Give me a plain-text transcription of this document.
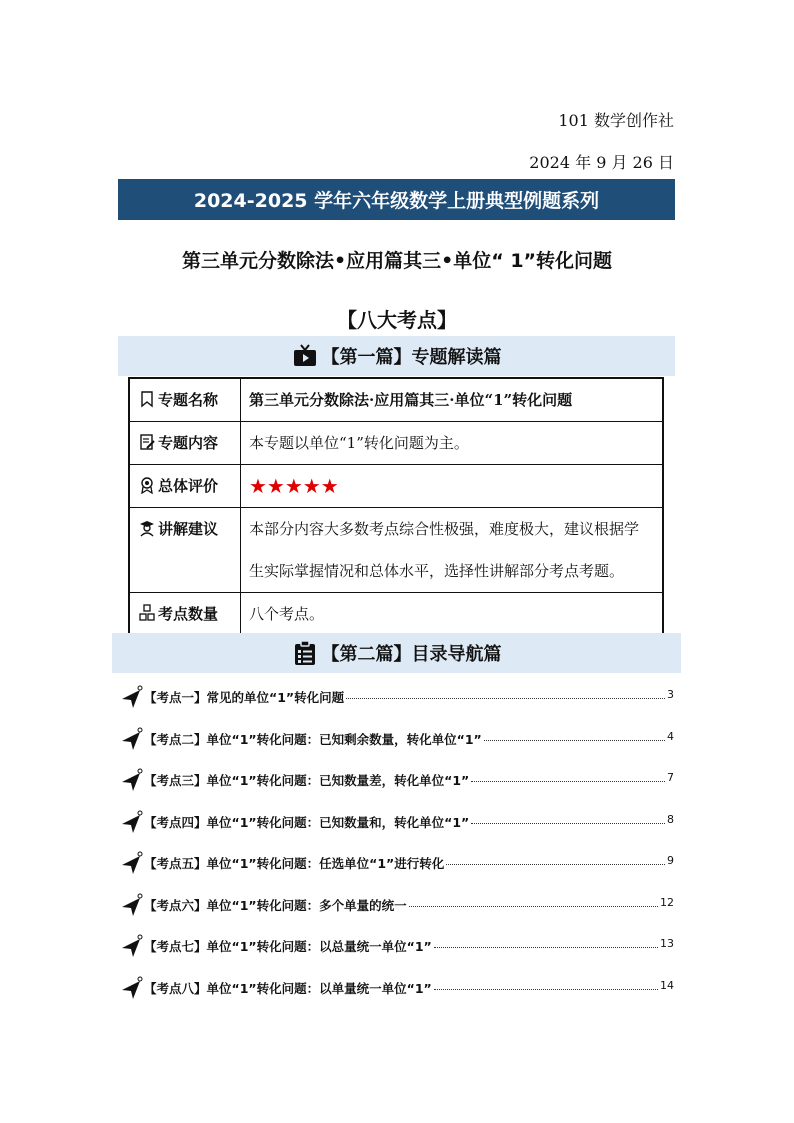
101 数学创作社
2024 年 9 月 26 日
2024-2025 学年六年级数学上册典型例题系列
第三单元分数除法•应用篇其三•单位“ 1”转化问题
【八大考点】
【第一篇】专题解读篇
专题名称	第三单元分数除法·应用篇其三·单位“1”转化问题
专题内容	本专题以单位“1”转化问题为主。
总体评价	★★★★★
讲解建议	本部分内容大多数考点综合性极强，难度极大，建议根据学
生实际掌握情况和总体水平，选择性讲解部分考点考题。

考点数量	八个考点。
【第二篇】目录导航篇
【考点一】常见的单位“1”转化问题	3
【考点二】单位“1”转化问题：已知剩余数量，转化单位“1”	4
【考点三】单位“1”转化问题：已知数量差，转化单位“1”	7
【考点四】单位“1”转化问题：已知数量和，转化单位“1”	8
【考点五】单位“1”转化问题：任选单位“1”进行转化	9
【考点六】单位“1”转化问题：多个单量的统一	12
【考点七】单位“1”转化问题：以总量统一单位“1”	13
【考点八】单位“1”转化问题：以单量统一单位“1”	14
